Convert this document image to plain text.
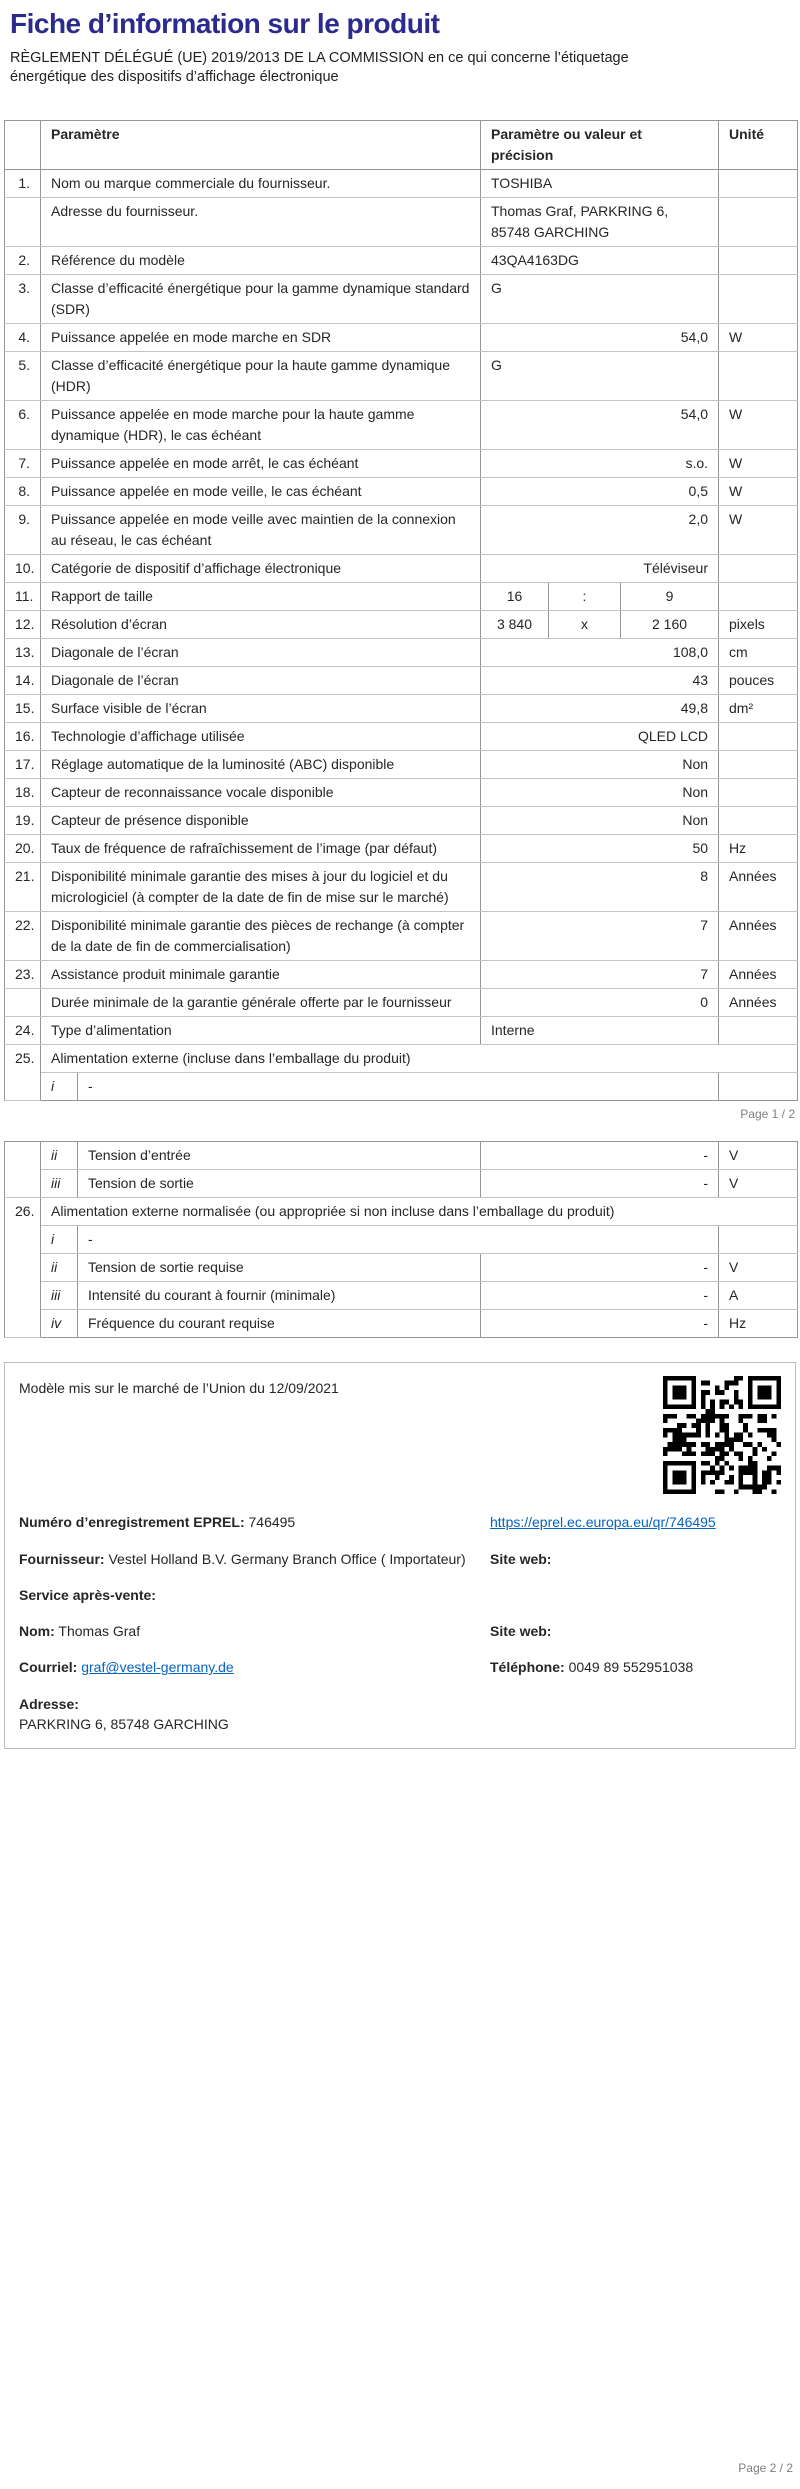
Fiche d’information sur le produit

RÈGLEMENT DÉLÉGUÉ (UE) 2019/2013 DE LA COMMISSION en ce qui concerne l’étiquetage énergétique des dispositifs d’affichage électronique

	Paramètre		Paramètre ou valeur et précision			Unité
1.	Nom ou marque commerciale du fournisseur.		TOSHIBA			
	Adresse du fournisseur.		Thomas Graf, PARKRING 6, 85748 GARCHING			
2.	Référence du modèle		43QA4163DG			
3.	Classe d’efficacité énergétique pour la gamme dynamique standard (SDR)		G			
4.	Puissance appelée en mode marche en SDR		54,0			W
5.	Classe d’efficacité énergétique pour la haute gamme dynamique (HDR)		G			
6.	Puissance appelée en mode marche pour la haute gamme dynamique (HDR), le cas échéant		54,0			W
7.	Puissance appelée en mode arrêt, le cas échéant		s.o.			W
8.	Puissance appelée en mode veille, le cas échéant		0,5			W
9.	Puissance appelée en mode veille avec maintien de la connexion au réseau, le cas échéant		2,0			W
10.	Catégorie de dispositif d’affichage électronique		Téléviseur			
11.	Rapport de taille		16	:	9	
12.	Résolution d’écran		3 840	x	2 160	pixels
13.	Diagonale de l’écran		108,0			cm
14.	Diagonale de l’écran		43			pouces
15.	Surface visible de l’écran		49,8			dm²
16.	Technologie d’affichage utilisée		QLED LCD			
17.	Réglage automatique de la luminosité (ABC) disponible		Non			
18.	Capteur de reconnaissance vocale disponible		Non			
19.	Capteur de présence disponible		Non			
20.	Taux de fréquence de rafraîchissement de l’image (par défaut)		50			Hz
21.	Disponibilité minimale garantie des mises à jour du logiciel et du micrologiciel (à compter de la date de fin de mise sur le marché)		8			Années
22.	Disponibilité minimale garantie des pièces de rechange (à compter de la date de fin de commercialisation)		7			Années
23.	Assistance produit minimale garantie		7			Années
	Durée minimale de la garantie générale offerte par le fournisseur		0			Années
24.	Type d’alimentation		Interne			
25.	Alimentation externe (incluse dans l’emballage du produit)					
	i	-				
Page 1 / 2
	ii	Tension d’entrée	-	V
	iii	Tension de sortie	-	V
26.	Alimentation externe normalisée (ou appropriée si non incluse dans l’emballage du produit)			
	i	-		
	ii	Tension de sortie requise	-	V
	iii	Intensité du courant à fournir (minimale)	-	A
	iv	Fréquence du courant requise	-	Hz
Modèle mis sur le marché de l’Union du 12/09/2021
Numéro d’enregistrement EPREL: 746495	https://eprel.ec.europa.eu/qr/746495
Fournisseur: Vestel Holland B.V. Germany Branch Office ( Importateur)	Site web:
Service après-vente:
Nom: Thomas Graf	Site web:
Courriel: graf@vestel-germany.de	Téléphone: 0049 89 552951038
Adresse:
PARKRING 6, 85748 GARCHING
Page 2 / 2
